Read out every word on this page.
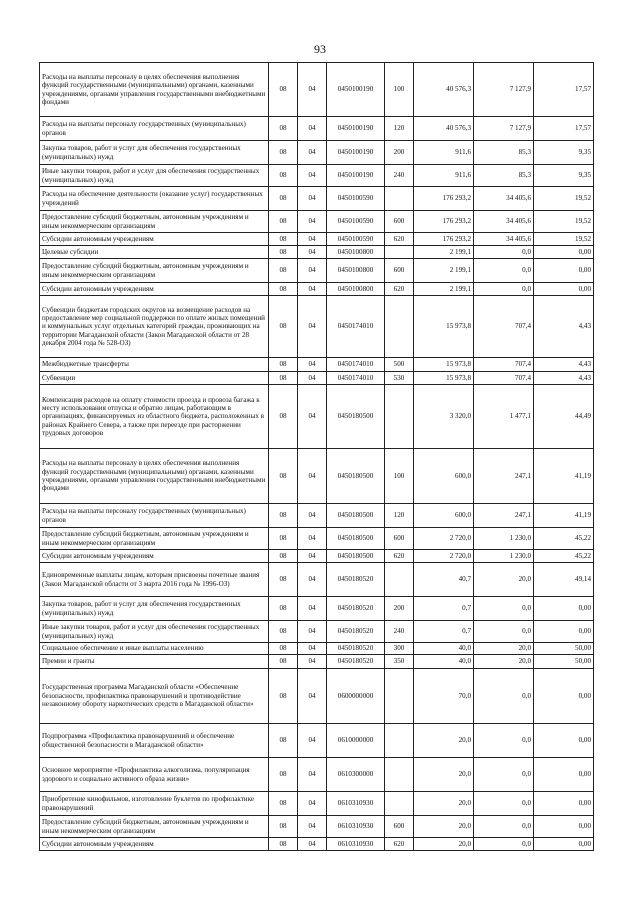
93
Расходы на выплаты персоналу в целях обеспечения выполнения функций государственными (муниципальными) органами, казенными учреждениями, органами управления государственными внебюджетными фондами	08	04	0450100190	100	40 576,3	7 127,9	17,57
Расходы на выплаты персоналу государственных (муниципальных) органов	08	04	0450100190	120	40 576,3	7 127,9	17,57
Закупка товаров, работ и услуг для обеспечения государственных (муниципальных) нужд	08	04	0450100190	200	911,6	85,3	9,35
Иные закупки товаров, работ и услуг для обеспечения государственных (муниципальных) нужд	08	04	0450100190	240	911,6	85,3	9,35
Расходы на обеспечение деятельности (оказание услуг) государственных учреждений	08	04	0450100590		176 293,2	34 405,6	19,52
Предоставление субсидий бюджетным, автономным учреждениям и иным некоммерческим организациям	08	04	0450100590	600	176 293,2	34 405,6	19,52
Субсидии автономным учреждениям	08	04	0450100590	620	176 293,2	34 405,6	19,52
Целевые субсидии	08	04	0450100800		2 199,1	0,0	0,00
Предоставление субсидий бюджетным, автономным учреждениям и иным некоммерческим организациям	08	04	0450100800	600	2 199,1	0,0	0,00
Субсидии автономным учреждениям	08	04	0450100800	620	2 199,1	0,0	0,00
Субвенции бюджетам городских округов на возмещение расходов на предоставление мер социальной поддержки по оплате жилых помещений и коммунальных услуг отдельных категорий граждан, проживающих на территории Магаданской области (Закон Магаданской области от 28 декабря 2004 года № 528-ОЗ)	08	04	0450174010		15 973,8	707,4	4,43
Межбюджетные трансферты	08	04	0450174010	500	15 973,8	707,4	4,43
Субвенции	08	04	0450174010	530	15 973,8	707,4	4,43
Компенсация расходов на оплату стоимости проезда и провоза багажа к месту использования отпуска и обратно лицам, работающим в организациях, финансируемых из областного бюджета, расположенных в районах Крайнего Севера, а также при переезде при расторжении трудовых договоров	08	04	0450180500		3 320,0	1 477,1	44,49
Расходы на выплаты персоналу в целях обеспечения выполнения функций государственными (муниципальными) органами, казенными учреждениями, органами управления государственными внебюджетными фондами	08	04	0450180500	100	600,0	247,1	41,19
Расходы на выплаты персоналу государственных (муниципальных) органов	08	04	0450180500	120	600,0	247,1	41,19
Предоставление субсидий бюджетным, автономным учреждениям и иным некоммерческим организациям	08	04	0450180500	600	2 720,0	1 230,0	45,22
Субсидии автономным учреждениям	08	04	0450180500	620	2 720,0	1 230,0	45,22
Единовременные выплаты лицам, которым присвоены почетные звания (Закон Магаданской области от 3 марта 2016 года № 1996-ОЗ)	08	04	0450180520		40,7	20,0	49,14
Закупка товаров, работ и услуг для обеспечения государственных (муниципальных) нужд	08	04	0450180520	200	0,7	0,0	0,00
Иные закупки товаров, работ и услуг для обеспечения государственных (муниципальных) нужд	08	04	0450180520	240	0,7	0,0	0,00
Социальное обеспечение и иные выплаты населению	08	04	0450180520	300	40,0	20,0	50,00
Премии и гранты	08	04	0450180520	350	40,0	20,0	50,00
Государственная программа Магаданской области «Обеспечение безопасности, профилактика правонарушений и противодействие незаконному обороту наркотических средств в Магаданской области»	08	04	0600000000		70,0	0,0	0,00
Подпрограмма «Профилактика правонарушений и обеспечение общественной безопасности в Магаданской области»	08	04	0610000000		20,0	0,0	0,00
Основное мероприятие «Профилактика алкоголизма, популяризация здорового и социально активного образа жизни»	08	04	0610300000		20,0	0,0	0,00
Приобретение кинофильмов, изготовление буклетов по профилактике правонарушений	08	04	0610310930		20,0	0,0	0,00
Предоставление субсидий бюджетным, автономным учреждениям и иным некоммерческим организациям	08	04	0610310930	600	20,0	0,0	0,00
Субсидии автономным учреждениям	08	04	0610310930	620	20,0	0,0	0,00
